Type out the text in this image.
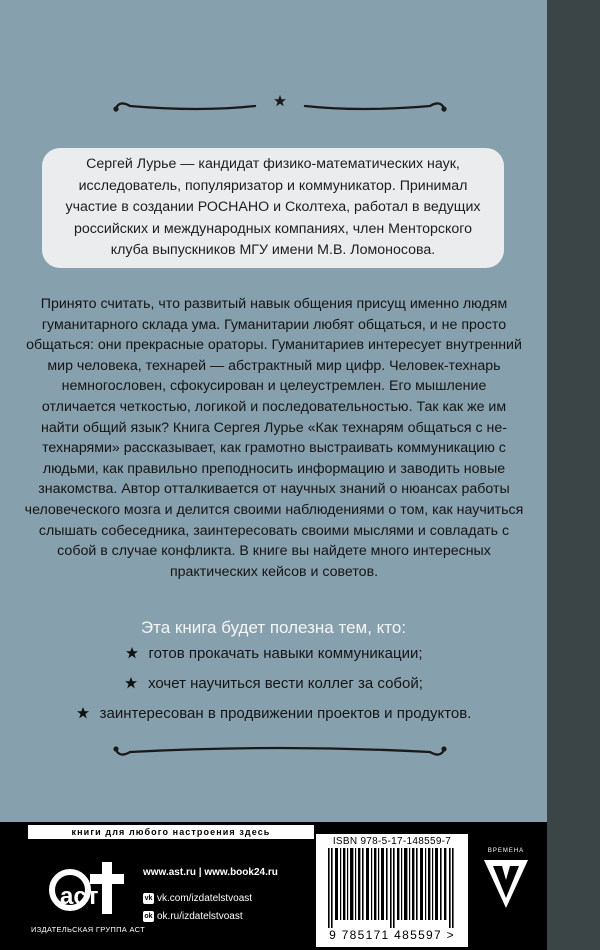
Сергей Лурье — кандидат физико-математических наук, исследователь, популяризатор и коммуникатор. Принимал участие в создании РОСНАНО и Сколтеха, работал в ведущих российских и международных компаниях, член Менторского клуба выпускников МГУ имени М.В. Ломоносова.

Принято считать, что развитый навык общения присущ именно людям гуманитарного склада ума. Гуманитарии любят общаться, и не просто общаться: они прекрасные ораторы. Гуманитариев интересует внутренний мир человека, технарей — абстрактный мир цифр. Человек-технарь немногословен, сфокусирован и целеустремлен. Его мышление отличается четкостью, логикой и последовательностью. Так как же им найти общий язык? Книга Сергея Лурье «Как технарям общаться с не-технарями» рассказывает, как грамотно выстраивать коммуникацию с людьми, как правильно преподносить информацию и заводить новые знакомства. Автор отталкивается от научных знаний о нюансах работы человеческого мозга и делится своими наблюдениями о том, как научиться слышать собеседника, заинтересовать своими мыслями и совладать с собой в случае конфликта. В книге вы найдете много интересных практических кейсов и советов.

Эта книга будет полезна тем, кто:
готов прокачать навыки коммуникации;
хочет научиться вести коллег за собой;
заинтересован в продвижении проектов и продуктов.
книги для любого настроения здесь
аст
ИЗДАТЕЛЬСКАЯ ГРУППА АСТ
www.ast.ru | www.book24.ru
vk vk.com/izdatelstvoast
ok ok.ru/izdatelstvoast
ISBN 978-5-17-148559-7
9 785171 485597 >
ВРЕМЕНА
